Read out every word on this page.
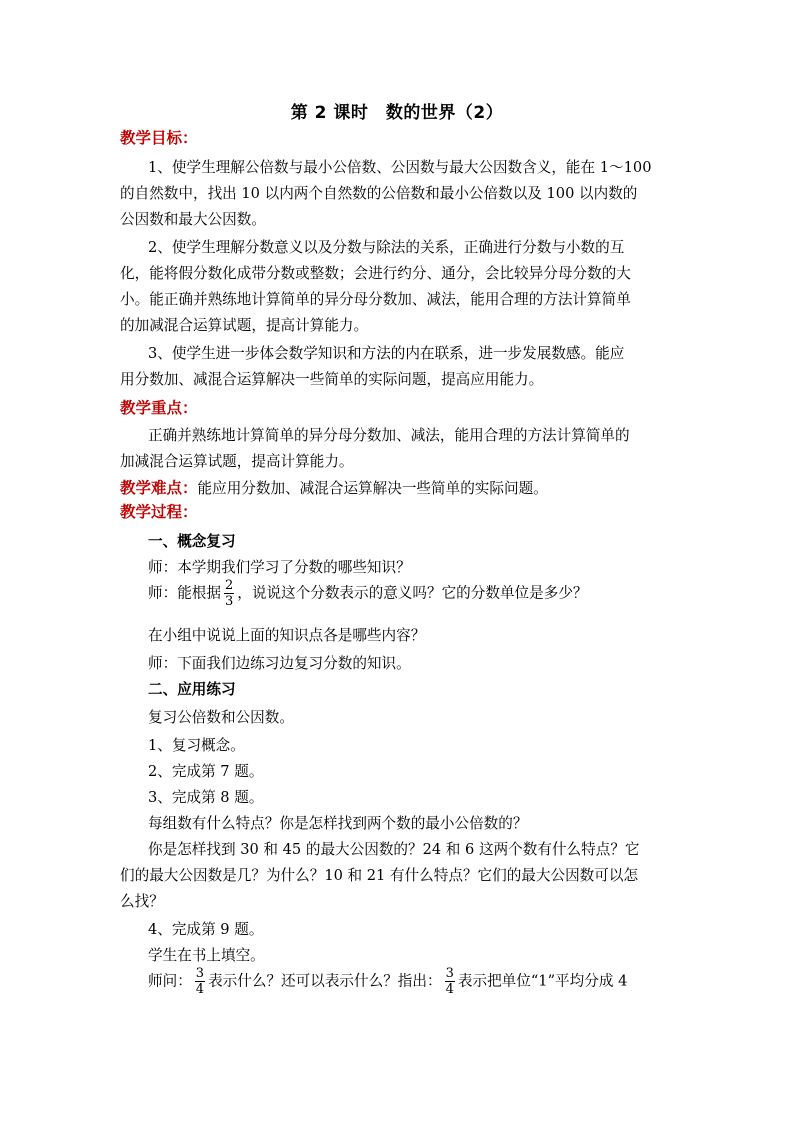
第 2 课时　数的世界（2）
教学目标：
1、使学生理解公倍数与最小公倍数、公因数与最大公因数含义，能在 1～100
的自然数中，找出 10 以内两个自然数的公倍数和最小公倍数以及 100 以内数的
公因数和最大公因数。
2、使学生理解分数意义以及分数与除法的关系，正确进行分数与小数的互
化，能将假分数化成带分数或整数；会进行约分、通分，会比较异分母分数的大
小。能正确并熟练地计算简单的异分母分数加、减法，能用合理的方法计算简单
的加减混合运算试题，提高计算能力。
3、使学生进一步体会数学知识和方法的内在联系，进一步发展数感。能应
用分数加、减混合运算解决一些简单的实际问题，提高应用能力。
教学重点：
正确并熟练地计算简单的异分母分数加、减法，能用合理的方法计算简单的
加减混合运算试题，提高计算能力。
教学难点：能应用分数加、减混合运算解决一些简单的实际问题。
教学过程：
一、概念复习
师：本学期我们学习了分数的哪些知识？
师：能根据 $\frac{2}{3}$ ，说说这个分数表示的意义吗？它的分数单位是多少？
在小组中说说上面的知识点各是哪些内容？
师：下面我们边练习边复习分数的知识。
二、应用练习
复习公倍数和公因数。
1、复习概念。
2、完成第 7 题。
3、完成第 8 题。
每组数有什么特点？你是怎样找到两个数的最小公倍数的？
你是怎样找到 30 和 45 的最大公因数的？24 和 6 这两个数有什么特点？它
们的最大公因数是几？为什么？10 和 21 有什么特点？它们的最大公因数可以怎
么找？
4、完成第 9 题。
学生在书上填空。
师问： $\frac{3}{4}$ 表示什么？还可以表示什么？指出： $\frac{3}{4}$ 表示把单位“1”平均分成 4
